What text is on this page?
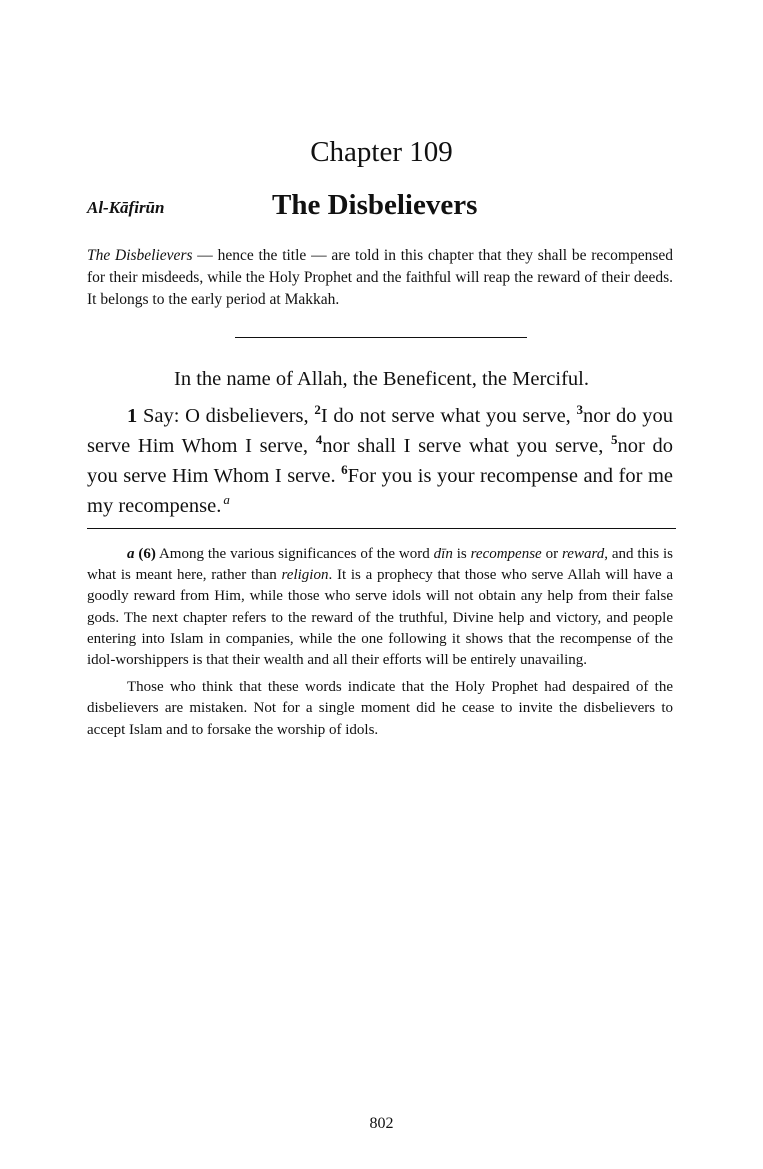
Chapter 109
Al-Kāfirūn	The Disbelievers
The Disbelievers — hence the title — are told in this chapter that they shall be recompensed for their misdeeds, while the Holy Prophet and the faithful will reap the reward of their deeds. It belongs to the early period at Makkah.
In the name of Allah, the Beneficent, the Merciful.
1 Say: O disbelievers, $^2$I do not serve what you serve, $^3$nor do you serve Him Whom I serve, $^4$nor shall I serve what you serve, $^5$nor do you serve Him Whom I serve. $^6$For you is your recompense and for me my recompense. $^a$

a (6) Among the various significances of the word dīn is recompense or reward, and this is what is meant here, rather than religion. It is a prophecy that those who serve Allah will have a goodly reward from Him, while those who serve idols will not obtain any help from their false gods. The next chapter refers to the reward of the truthful, Divine help and victory, and people entering into Islam in companies, while the one following it shows that the recompense of the idol-worshippers is that their wealth and all their efforts will be entirely unavailing.

Those who think that these words indicate that the Holy Prophet had despaired of the disbelievers are mistaken. Not for a single moment did he cease to invite the disbelievers to accept Islam and to forsake the worship of idols.

802
